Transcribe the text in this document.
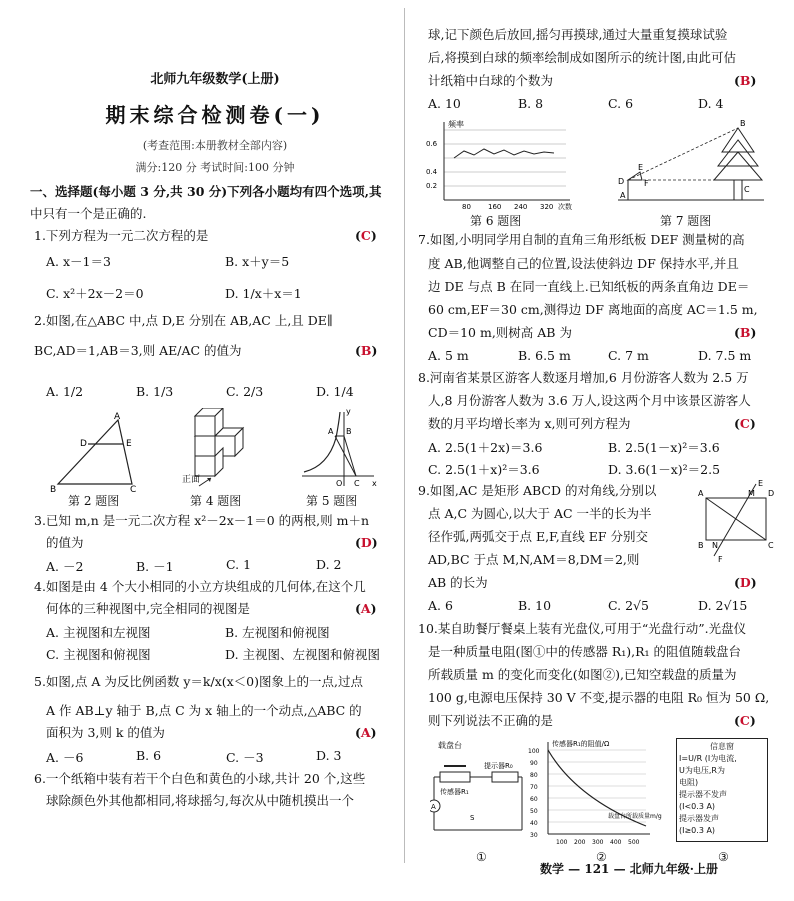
北师九年级数学(上册)
期末综合检测卷(一)
(考查范围:本册教材全部内容)
满分:120 分 考试时间:100 分钟
一、选择题(每小题 3 分,共 30 分)下列各小题均有四个选项,其
中只有一个是正确的.
1.下列方程为一元二次方程的是	(C)
A. x－1＝3	B. x＋y＝5
C. x²＋2x－2＝0	D. 1/x＋x＝1
2.如图,在△ABC 中,点 D,E 分别在 AB,AC 上,且 DE∥
BC,AD＝1,AB＝3,则 AE/AC 的值为	(B)
A. 1/2	B. 1/3	C. 2/3	D. 1/4
A
D	E
B	C
正面
A B
y
x
O C
第 2 题图	第 4 题图	第 5 题图
3.已知 m,n 是一元二次方程 x²－2x－1＝0 的两根,则 m＋n
的值为	(D)
A. －2	B. －1	C. 1	D. 2
4.如图是由 4 个大小相同的小立方块组成的几何体,在这个几
何体的三种视图中,完全相同的视图是	(A)
A. 主视图和左视图	B. 左视图和俯视图
C. 主视图和俯视图	D. 主视图、左视图和俯视图
5.如图,点 A 为反比例函数 y＝k/x(x＜0)图象上的一点,过点
A 作 AB⊥y 轴于 B,点 C 为 x 轴上的一个动点,△ABC 的
面积为 3,则 k 的值为	(A)
A. －6	B. 6	C. －3	D. 3
6.一个纸箱中装有若干个白色和黄色的小球,共计 20 个,这些
球除颜色外其他都相同,将球摇匀,每次从中随机摸出一个
球,记下颜色后放回,摇匀再摸球,通过大量重复摸球试验
后,将摸到白球的频率绘制成如图所示的统计图,由此可估
计纸箱中白球的个数为	(B)
A. 10	B. 8	C. 6	D. 4
频率
0.6
0.4
0.2
80 160 240 320 次数
D
E
F
B
C
A
第 6 题图	第 7 题图
7.如图,小明同学用自制的直角三角形纸板 DEF 测量树的高
度 AB,他调整自己的位置,设法使斜边 DF 保持水平,并且
边 DE 与点 B 在同一直线上.已知纸板的两条直角边 DE＝
60 cm,EF＝30 cm,测得边 DF 离地面的高度 AC＝1.5 m,
CD＝10 m,则树高 AB 为	(B)
A. 5 m	B. 6.5 m	C. 7 m	D. 7.5 m
8.河南省某景区游客人数逐月增加,6 月份游客人数为 2.5 万
人,8 月份游客人数为 3.6 万人,设这两个月中该景区游客人
数的月平均增长率为 x,则可列方程为	(C)
A. 2.5(1＋2x)＝3.6	B. 2.5(1－x)²＝3.6
C. 2.5(1＋x)²＝3.6	D. 3.6(1－x)²＝2.5
9.如图,AC 是矩形 ABCD 的对角线,分别以
点 A,C 为圆心,以大于 AC 一半的长为半
径作弧,两弧交于点 E,F,直线 EF 分别交
AD,BC 于点 M,N,AM＝8,DM＝2,则
AB 的长为	(D)
A	D
B	C
M
E
N
F
A. 6	B. 10	C. 2√5	D. 2√15
10.某自助餐厅餐桌上装有光盘仪,可用于“光盘行动”.光盘仪
是一种质量电阻(图①中的传感器 R₁),R₁ 的阻值随载盘台
所载质量 m 的变化而变化(如图②),已知空载盘的质量为
100 g,电源电压保持 30 V 不变,提示器的电阻 R₀ 恒为 50 Ω,
则下列说法不正确的是	(C)
A
S
载盘台
提示器R₀
传感器R₁
传感器R₁的阻值/Ω
100
90
80
70
60
50
40
30
100 200 300 400 500
载盘台所载质量m/g
信息窗
I=U/R (I为电流,
U为电压,R为
电阻)
提示器不发声
(I<0.3 A)
提示器发声
(I≥0.3 A)
①	②	③
数学 — 121 — 北师九年级·上册
